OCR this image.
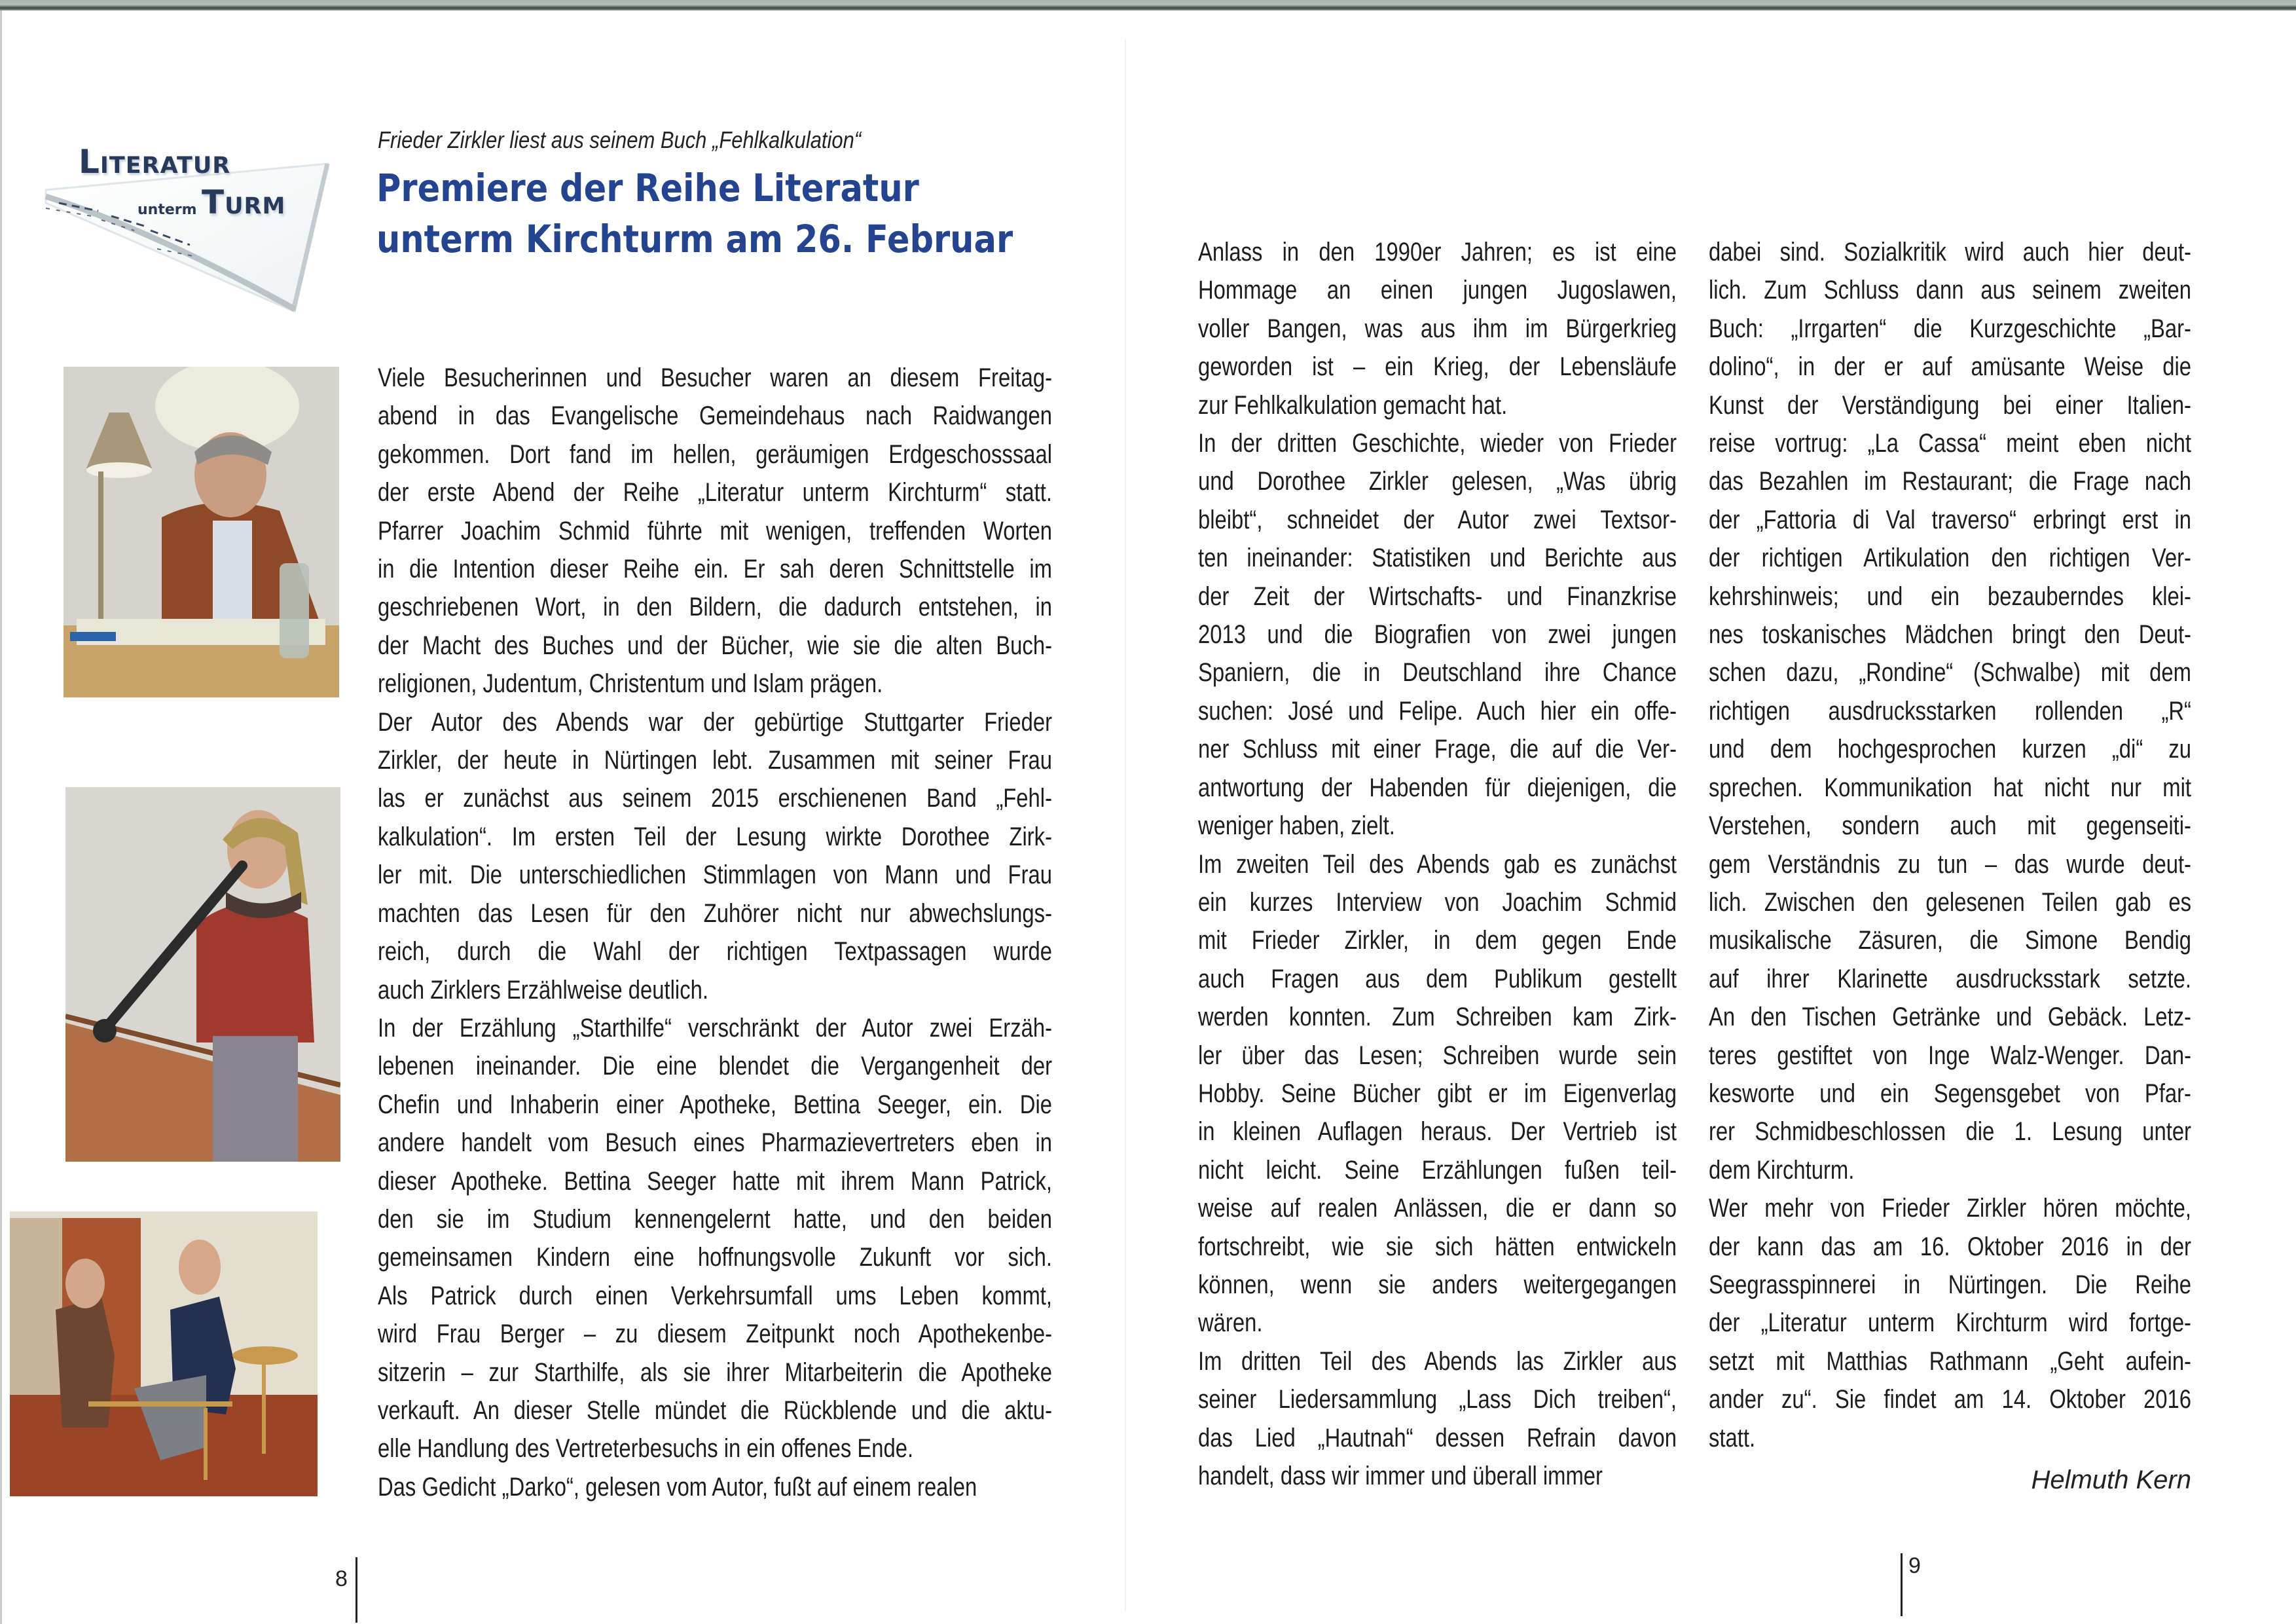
Literatur
unterm Turm
Frieder Zirkler liest aus seinem Buch „Fehlkalkulation“
Premiere der Reihe Literatur
unterm Kirchturm am 26. Februar
Viele Besucherinnen und Besucher waren an diesem Freitag-
abend in das Evangelische Gemeindehaus nach Raidwangen
gekommen. Dort fand im hellen, geräumigen Erdgeschosssaal
der erste Abend der Reihe „Literatur unterm Kirchturm“ statt.
Pfarrer Joachim Schmid führte mit wenigen, treffenden Worten
in die Intention dieser Reihe ein. Er sah deren Schnittstelle im
geschriebenen Wort, in den Bildern, die dadurch entstehen, in
der Macht des Buches und der Bücher, wie sie die alten Buch-
religionen, Judentum, Christentum und Islam prägen.
Der Autor des Abends war der gebürtige Stuttgarter Frieder
Zirkler, der heute in Nürtingen lebt. Zusammen mit seiner Frau
las er zunächst aus seinem 2015 erschienenen Band „Fehl-
kalkulation“. Im ersten Teil der Lesung wirkte Dorothee Zirk-
ler mit. Die unterschiedlichen Stimmlagen von Mann und Frau
machten das Lesen für den Zuhörer nicht nur abwechslungs-
reich, durch die Wahl der richtigen Textpassagen wurde
auch Zirklers Erzählweise deutlich.
In der Erzählung „Starthilfe“ verschränkt der Autor zwei Erzäh-
lebenen ineinander. Die eine blendet die Vergangenheit der
Chefin und Inhaberin einer Apotheke, Bettina Seeger, ein. Die
andere handelt vom Besuch eines Pharmazievertreters eben in
dieser Apotheke. Bettina Seeger hatte mit ihrem Mann Patrick,
den sie im Studium kennengelernt hatte, und den beiden
gemeinsamen Kindern eine hoffnungsvolle Zukunft vor sich.
Als Patrick durch einen Verkehrsumfall ums Leben kommt,
wird Frau Berger – zu diesem Zeitpunkt noch Apothekenbe-
sitzerin – zur Starthilfe, als sie ihrer Mitarbeiterin die Apotheke
verkauft. An dieser Stelle mündet die Rückblende und die aktu-
elle Handlung des Vertreterbesuchs in ein offenes Ende.
Das Gedicht „Darko“, gelesen vom Autor, fußt auf einem realen
Anlass in den 1990er Jahren; es ist eine
Hommage an einen jungen Jugoslawen,
voller Bangen, was aus ihm im Bürgerkrieg
geworden ist – ein Krieg, der Lebensläufe
zur Fehlkalkulation gemacht hat.
In der dritten Geschichte, wieder von Frieder
und Dorothee Zirkler gelesen, „Was übrig
bleibt“, schneidet der Autor zwei Textsor-
ten ineinander: Statistiken und Berichte aus
der Zeit der Wirtschafts- und Finanzkrise
2013 und die Biografien von zwei jungen
Spaniern, die in Deutschland ihre Chance
suchen: José und Felipe. Auch hier ein offe-
ner Schluss mit einer Frage, die auf die Ver-
antwortung der Habenden für diejenigen, die
weniger haben, zielt.
Im zweiten Teil des Abends gab es zunächst
ein kurzes Interview von Joachim Schmid
mit Frieder Zirkler, in dem gegen Ende
auch Fragen aus dem Publikum gestellt
werden konnten. Zum Schreiben kam Zirk-
ler über das Lesen; Schreiben wurde sein
Hobby. Seine Bücher gibt er im Eigenverlag
in kleinen Auflagen heraus. Der Vertrieb ist
nicht leicht. Seine Erzählungen fußen teil-
weise auf realen Anlässen, die er dann so
fortschreibt, wie sie sich hätten entwickeln
können, wenn sie anders weitergegangen
wären.
Im dritten Teil des Abends las Zirkler aus
seiner Liedersammlung „Lass Dich treiben“,
das Lied „Hautnah“ dessen Refrain davon
handelt, dass wir immer und überall immer
dabei sind. Sozialkritik wird auch hier deut-
lich. Zum Schluss dann aus seinem zweiten
Buch: „Irrgarten“ die Kurzgeschichte „Bar-
dolino“, in der er auf amüsante Weise die
Kunst der Verständigung bei einer Italien-
reise vortrug: „La Cassa“ meint eben nicht
das Bezahlen im Restaurant; die Frage nach
der „Fattoria di Val traverso“ erbringt erst in
der richtigen Artikulation den richtigen Ver-
kehrshinweis; und ein bezauberndes klei-
nes toskanisches Mädchen bringt den Deut-
schen dazu, „Rondine“ (Schwalbe) mit dem
richtigen ausdrucksstarken rollenden „R“
und dem hochgesprochen kurzen „di“ zu
sprechen. Kommunikation hat nicht nur mit
Verstehen, sondern auch mit gegenseiti-
gem Verständnis zu tun – das wurde deut-
lich. Zwischen den gelesenen Teilen gab es
musikalische Zäsuren, die Simone Bendig
auf ihrer Klarinette ausdrucksstark setzte.
An den Tischen Getränke und Gebäck. Letz-
teres gestiftet von Inge Walz-Wenger. Dan-
kesworte und ein Segensgebet von Pfar-
rer Schmidbeschlossen die 1. Lesung unter
dem Kirchturm.
Wer mehr von Frieder Zirkler hören möchte,
der kann das am 16. Oktober 2016 in der
Seegrasspinnerei in Nürtingen. Die Reihe
der „Literatur unterm Kirchturm wird fortge-
setzt mit Matthias Rathmann „Geht aufein-
ander zu“. Sie findet am 14. Oktober 2016
statt.
Helmuth Kern
8
9
